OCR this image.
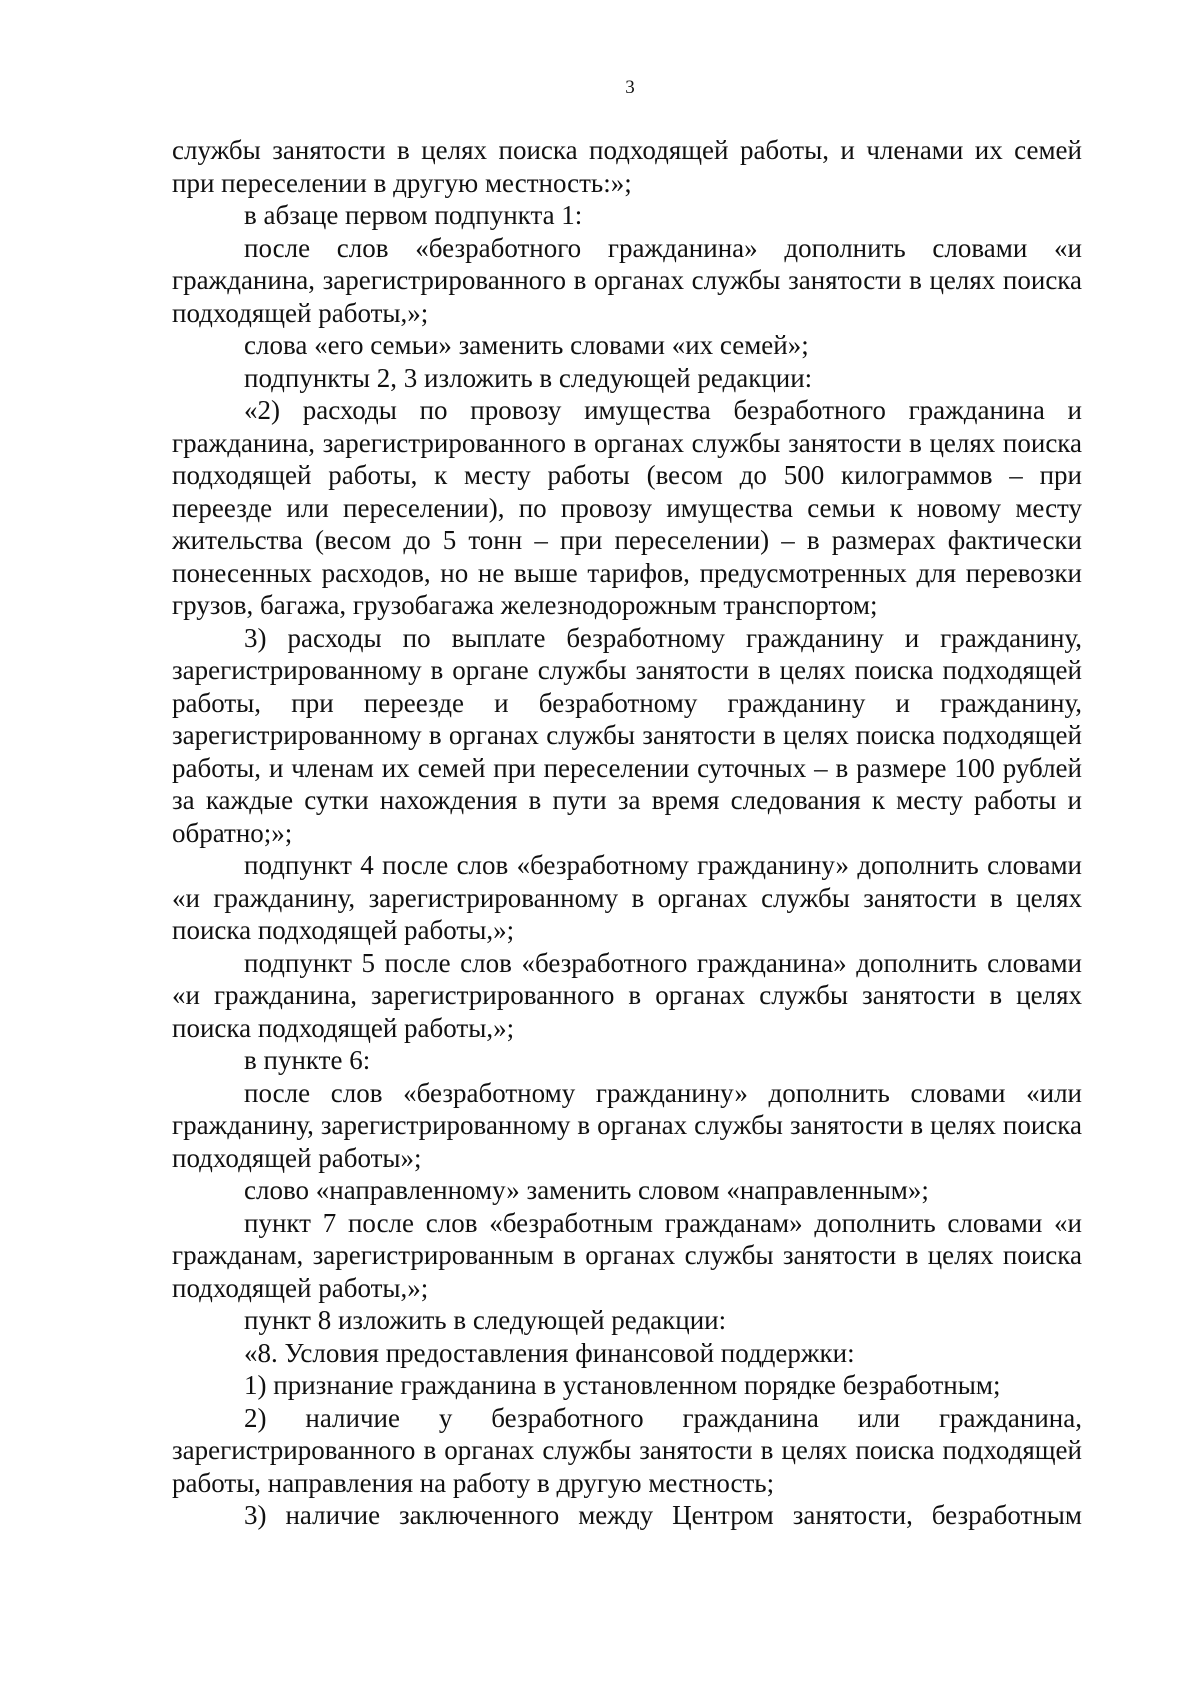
3

службы занятости в целях поиска подходящей работы, и членами их семей при переселении в другую местность:»;

в абзаце первом подпункта 1:

после слов «безработного гражданина» дополнить словами «и гражданина, зарегистрированного в органах службы занятости в целях поиска подходящей работы,»;

слова «его семьи» заменить словами «их семей»;

подпункты 2, 3 изложить в следующей редакции:

«2) расходы по провозу имущества безработного гражданина и гражданина, зарегистрированного в органах службы занятости в целях поиска подходящей работы, к месту работы (весом до 500 килограммов – при переезде или переселении), по провозу имущества семьи к новому месту жительства (весом до 5 тонн – при переселении) – в размерах фактически понесенных расходов, но не выше тарифов, предусмотренных для перевозки грузов, багажа, грузобагажа железнодорожным транспортом;

3) расходы по выплате безработному гражданину и гражданину, зарегистрированному в органе службы занятости в целях поиска подходящей работы, при переезде и безработному гражданину и гражданину, зарегистрированному в органах службы занятости в целях поиска подходящей работы, и членам их семей при переселении суточных – в размере 100 рублей за каждые сутки нахождения в пути за время следования к месту работы и обратно;»;

подпункт 4 после слов «безработному гражданину» дополнить словами «и гражданину, зарегистрированному в органах службы занятости в целях поиска подходящей работы,»;

подпункт 5 после слов «безработного гражданина» дополнить словами «и гражданина, зарегистрированного в органах службы занятости в целях поиска подходящей работы,»;

в пункте 6:

после слов «безработному гражданину» дополнить словами «или гражданину, зарегистрированному в органах службы занятости в целях поиска подходящей работы»;

слово «направленному» заменить словом «направленным»;

пункт 7 после слов «безработным гражданам» дополнить словами «и гражданам, зарегистрированным в органах службы занятости в целях поиска подходящей работы,»;

пункт 8 изложить в следующей редакции:

«8. Условия предоставления финансовой поддержки:

1) признание гражданина в установленном порядке безработным;

2) наличие у безработного гражданина или гражданина, зарегистрированного в органах службы занятости в целях поиска подходящей работы, направления на работу в другую местность;

3) наличие заключенного между Центром занятости, безработным
